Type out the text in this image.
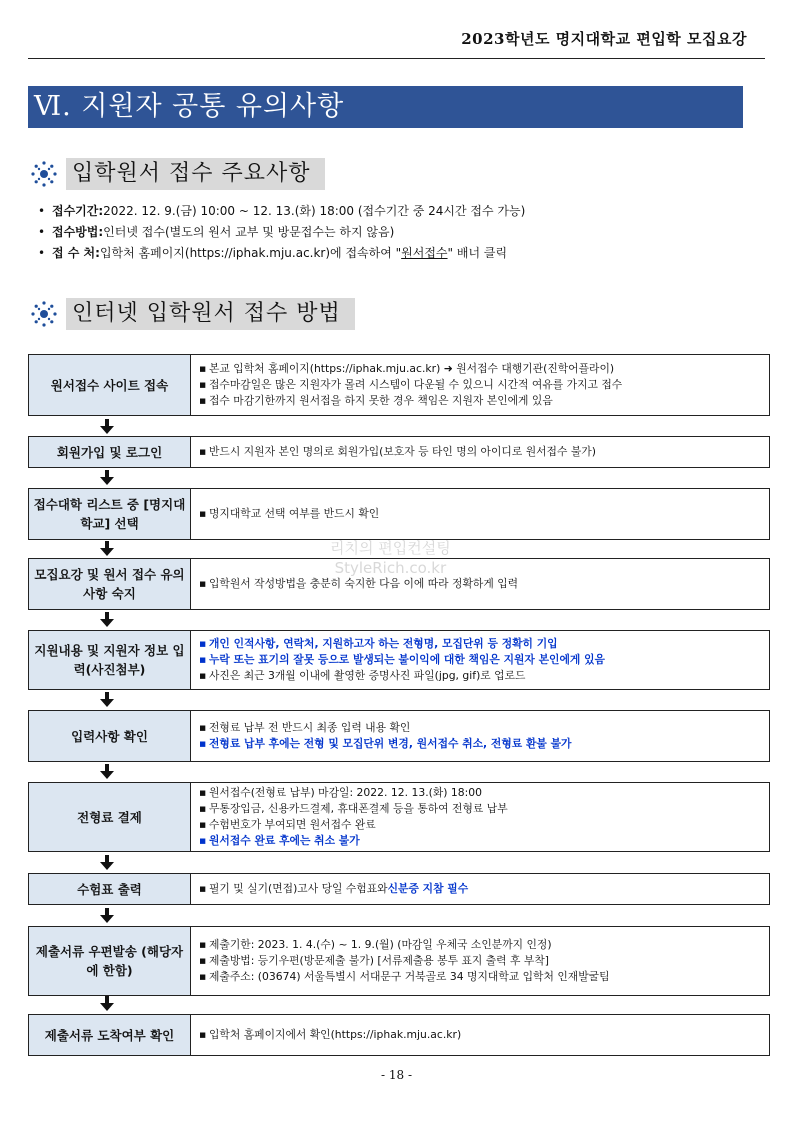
2023학년도 명지대학교 편입학 모집요강
Ⅵ. 지원자 공통 유의사항
입학원서 접수 주요사항
• 접수기간: 2022. 12. 9.(금) 10:00 ~ 12. 13.(화) 18:00 (접수기간 중 24시간 접수 가능)
• 접수방법: 인터넷 접수(별도의 원서 교부 및 방문접수는 하지 않음)
• 접 수 처: 입학처 홈페이지(https://iphak.mju.ac.kr)에 접속하여 " 원서접수 " 배너 클릭
인터넷 입학원서 접수 방법
원서접수 사이트 접속
▪ 본교 입학처 홈페이지(https://iphak.mju.ac.kr) ➜ 원서접수 대행기관(진학어플라이)
▪ 접수마감일은 많은 지원자가 몰려 시스템이 다운될 수 있으니 시간적 여유를 가지고 접수
▪ 접수 마감기한까지 원서접을 하지 못한 경우 책임은 지원자 본인에게 있음
회원가입 및 로그인	▪ 반드시 지원자 본인 명의로 회원가입(보호자 등 타인 명의 아이디로 원서접수 불가)
접수대학 리스트 중 [명지대학교] 선택
▪ 명지대학교 선택 여부를 반드시 확인
모집요강 및 원서 접수 유의사항 숙지
▪ 입학원서 작성방법을 충분히 숙지한 다음 이에 따라 정확하게 입력
지원내용 및 지원자 정보 입력(사진첨부)
▪ 개인 인적사항, 연락처, 지원하고자 하는 전형명, 모집단위 등 정확히 기입
▪ 누락 또는 표기의 잘못 등으로 발생되는 불이익에 대한 책임은 지원자 본인에게 있음
▪ 사진은 최근 3개월 이내에 촬영한 증명사진 파일(jpg, gif)로 업로드
입력사항 확인
▪ 전형료 납부 전 반드시 최종 입력 내용 확인
▪ 전형료 납부 후에는 전형 및 모집단위 변경, 원서접수 취소, 전형료 환불 불가
전형료 결제
▪ 원서접수(전형료 납부) 마감일: 2022. 12. 13.(화) 18:00
▪ 무통장입금, 신용카드결제, 휴대폰결제 등을 통하여 전형료 납부
▪ 수험번호가 부여되면 원서접수 완료
▪ 원서접수 완료 후에는 취소 불가
수험표 출력	▪ 필기 및 실기(면접)고사 당일 수험표와 신분증 지참 필수
제출서류 우편발송 (해당자에 한함)
▪ 제출기한: 2023. 1. 4.(수) ~ 1. 9.(월) (마감일 우체국 소인분까지 인정)
▪ 제출방법: 등기우편(방문제출 불가) [서류제출용 봉투 표지 출력 후 부착]
▪ 제출주소: (03674) 서울특별시 서대문구 거북골로 34 명지대학교 입학처 인재발굴팀
제출서류 도착여부 확인	▪ 입학처 홈페이지에서 확인(https://iphak.mju.ac.kr)
리치의 편입컨설팅
StyleRich.co.kr
- 18 -
